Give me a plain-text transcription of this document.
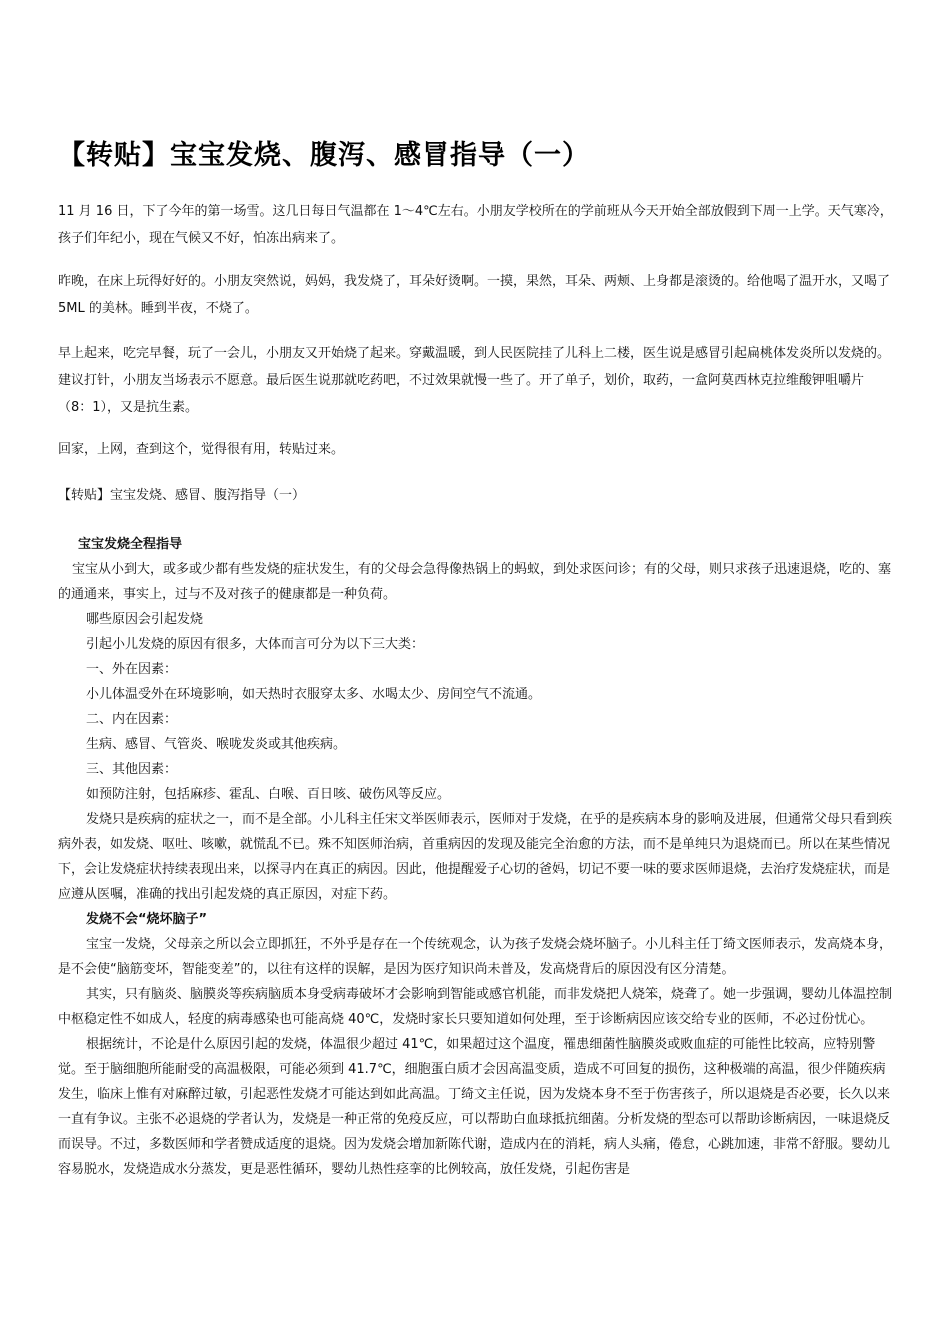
【转贴】宝宝发烧、腹泻、感冒指导（一）
11 月 16 日，下了今年的第一场雪。这几日每日气温都在 1～4℃左右。小朋友学校所在的学前班从今天开始全部放假到下周一上学。天气寒冷，孩子们年纪小，现在气候又不好，怕冻出病来了。
昨晚，在床上玩得好好的。小朋友突然说，妈妈，我发烧了，耳朵好烫啊。一摸，果然，耳朵、两颊、上身都是滚烫的。给他喝了温开水，又喝了 5ML 的美林。睡到半夜，不烧了。
早上起来，吃完早餐，玩了一会儿，小朋友又开始烧了起来。穿戴温暖，到人民医院挂了儿科上二楼，医生说是感冒引起扁桃体发炎所以发烧的。建议打针，小朋友当场表示不愿意。最后医生说那就吃药吧，不过效果就慢一些了。开了单子，划价，取药，一盒阿莫西林克拉维酸钾咀嚼片（8：1），又是抗生素。
回家，上网，查到这个，觉得很有用，转贴过来。
【转贴】宝宝发烧、感冒、腹泻指导（一）
宝宝发烧全程指导
宝宝从小到大，或多或少都有些发烧的症状发生，有的父母会急得像热锅上的蚂蚁，到处求医问诊；有的父母，则只求孩子迅速退烧，吃的、塞的通通来，事实上，过与不及对孩子的健康都是一种负荷。
哪些原因会引起发烧
引起小儿发烧的原因有很多，大体而言可分为以下三大类：
一、外在因素：
小儿体温受外在环境影响，如天热时衣服穿太多、水喝太少、房间空气不流通。
二、内在因素：
生病、感冒、气管炎、喉咙发炎或其他疾病。
三、其他因素：
如预防注射，包括麻疹、霍乱、白喉、百日咳、破伤风等反应。
发烧只是疾病的症状之一，而不是全部。小儿科主任宋文举医师表示，医师对于发烧，在乎的是疾病本身的影响及进展，但通常父母只看到疾病外表，如发烧、呕吐、咳嗽，就慌乱不已。殊不知医师治病，首重病因的发现及能完全治愈的方法，而不是单纯只为退烧而已。所以在某些情况下，会让发烧症状持续表现出来，以探寻内在真正的病因。因此，他提醒爱子心切的爸妈，切记不要一味的要求医师退烧，去治疗发烧症状，而是应遵从医嘱，准确的找出引起发烧的真正原因，对症下药。
发烧不会“烧坏脑子”
宝宝一发烧，父母亲之所以会立即抓狂，不外乎是存在一个传统观念，认为孩子发烧会烧坏脑子。小儿科主任丁绮文医师表示，发高烧本身，是不会使“脑筋变坏，智能变差”的，以往有这样的误解，是因为医疗知识尚未普及，发高烧背后的原因没有区分清楚。
其实，只有脑炎、脑膜炎等疾病脑质本身受病毒破坏才会影响到智能或感官机能，而非发烧把人烧笨，烧聋了。她一步强调，婴幼儿体温控制中枢稳定性不如成人，轻度的病毒感染也可能高烧 40℃，发烧时家长只要知道如何处理，至于诊断病因应该交给专业的医师，不必过份忧心。
根据统计，不论是什么原因引起的发烧，体温很少超过 41℃，如果超过这个温度，罹患细菌性脑膜炎或败血症的可能性比较高，应特别警觉。至于脑细胞所能耐受的高温极限，可能必须到 41.7℃，细胞蛋白质才会因高温变质，造成不可回复的损伤，这种极端的高温，很少伴随疾病发生，临床上惟有对麻醉过敏，引起恶性发烧才可能达到如此高温。丁绮文主任说，因为发烧本身不至于伤害孩子，所以退烧是否必要，长久以来一直有争议。主张不必退烧的学者认为，发烧是一种正常的免疫反应，可以帮助白血球抵抗细菌。分析发烧的型态可以帮助诊断病因，一味退烧反而误导。不过，多数医师和学者赞成适度的退烧。因为发烧会增加新陈代谢，造成内在的消耗，病人头痛，倦怠，心跳加速，非常不舒服。婴幼儿容易脱水，发烧造成水分蒸发，更是恶性循环，婴幼儿热性痉挛的比例较高，放任发烧，引起伤害是
